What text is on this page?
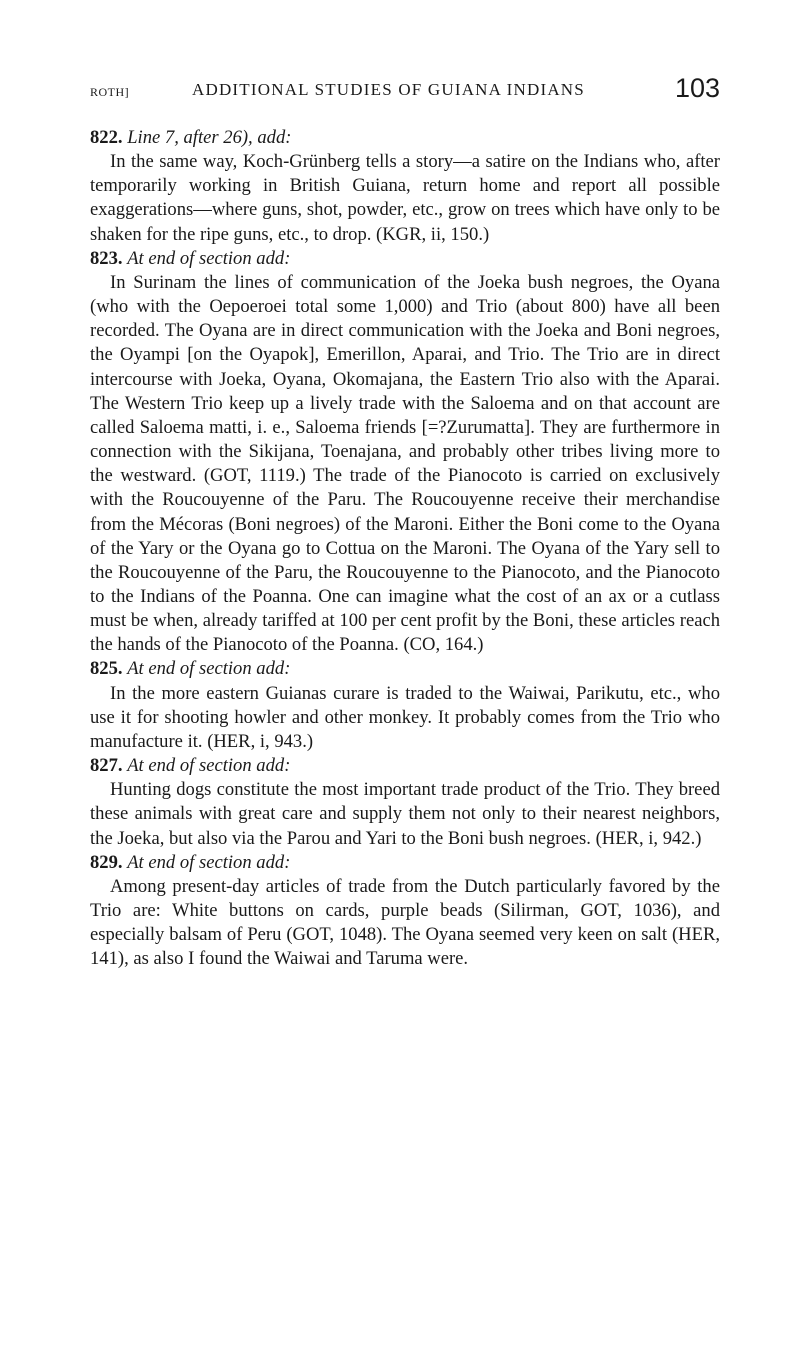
ROTH]	ADDITIONAL STUDIES OF GUIANA INDIANS	103
822. Line 7, after 26), add:

In the same way, Koch-Grünberg tells a story—a satire on the Indians who, after temporarily working in British Guiana, return home and report all possible exaggerations—where guns, shot, powder, etc., grow on trees which have only to be shaken for the ripe guns, etc., to drop. (KGR, ii, 150.)

823. At end of section add:

In Surinam the lines of communication of the Joeka bush negroes, the Oyana (who with the Oepoeroei total some 1,000) and Trio (about 800) have all been recorded. The Oyana are in direct communication with the Joeka and Boni negroes, the Oyampi [on the Oyapok], Emerillon, Aparai, and Trio. The Trio are in direct intercourse with Joeka, Oyana, Okomajana, the Eastern Trio also with the Aparai. The Western Trio keep up a lively trade with the Saloema and on that account are called Saloema matti, i. e., Saloema friends [=?Zurumatta]. They are furthermore in connection with the Sikijana, Toenajana, and probably other tribes living more to the westward. (GOT, 1119.) The trade of the Pianocoto is carried on exclusively with the Roucouyenne of the Paru. The Roucouyenne receive their merchandise from the Mécoras (Boni negroes) of the Maroni. Either the Boni come to the Oyana of the Yary or the Oyana go to Cottua on the Maroni. The Oyana of the Yary sell to the Roucouyenne of the Paru, the Roucouyenne to the Pianocoto, and the Pianocoto to the Indians of the Poanna. One can imagine what the cost of an ax or a cutlass must be when, already tariffed at 100 per cent profit by the Boni, these articles reach the hands of the Pianocoto of the Poanna. (CO, 164.)

825. At end of section add:

In the more eastern Guianas curare is traded to the Waiwai, Parikutu, etc., who use it for shooting howler and other monkey. It probably comes from the Trio who manufacture it. (HER, i, 943.)

827. At end of section add:

Hunting dogs constitute the most important trade product of the Trio. They breed these animals with great care and supply them not only to their nearest neighbors, the Joeka, but also via the Parou and Yari to the Boni bush negroes. (HER, i, 942.)

829. At end of section add:

Among present-day articles of trade from the Dutch particularly favored by the Trio are: White buttons on cards, purple beads (Silirman, GOT, 1036), and especially balsam of Peru (GOT, 1048). The Oyana seemed very keen on salt (HER, 141), as also I found the Waiwai and Taruma were.
